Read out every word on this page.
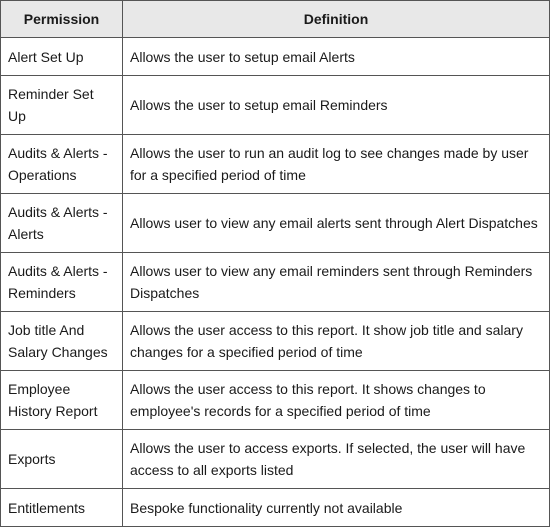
Permission	Definition
Alert Set Up	Allows the user to setup email Alerts
Reminder Set Up	Allows the user to setup email Reminders
Audits & Alerts - Operations	Allows the user to run an audit log to see changes made by user for a specified period of time
Audits & Alerts - Alerts	Allows user to view any email alerts sent through Alert Dispatches
Audits & Alerts - Reminders	Allows user to view any email reminders sent through Reminders Dispatches
Job title And Salary Changes	Allows the user access to this report. It show job title and salary changes for a specified period of time
Employee History Report	Allows the user access to this report. It shows changes to employee's records for a specified period of time
Exports	Allows the user to access exports. If selected, the user will have access to all exports listed
Entitlements	Bespoke functionality currently not available
